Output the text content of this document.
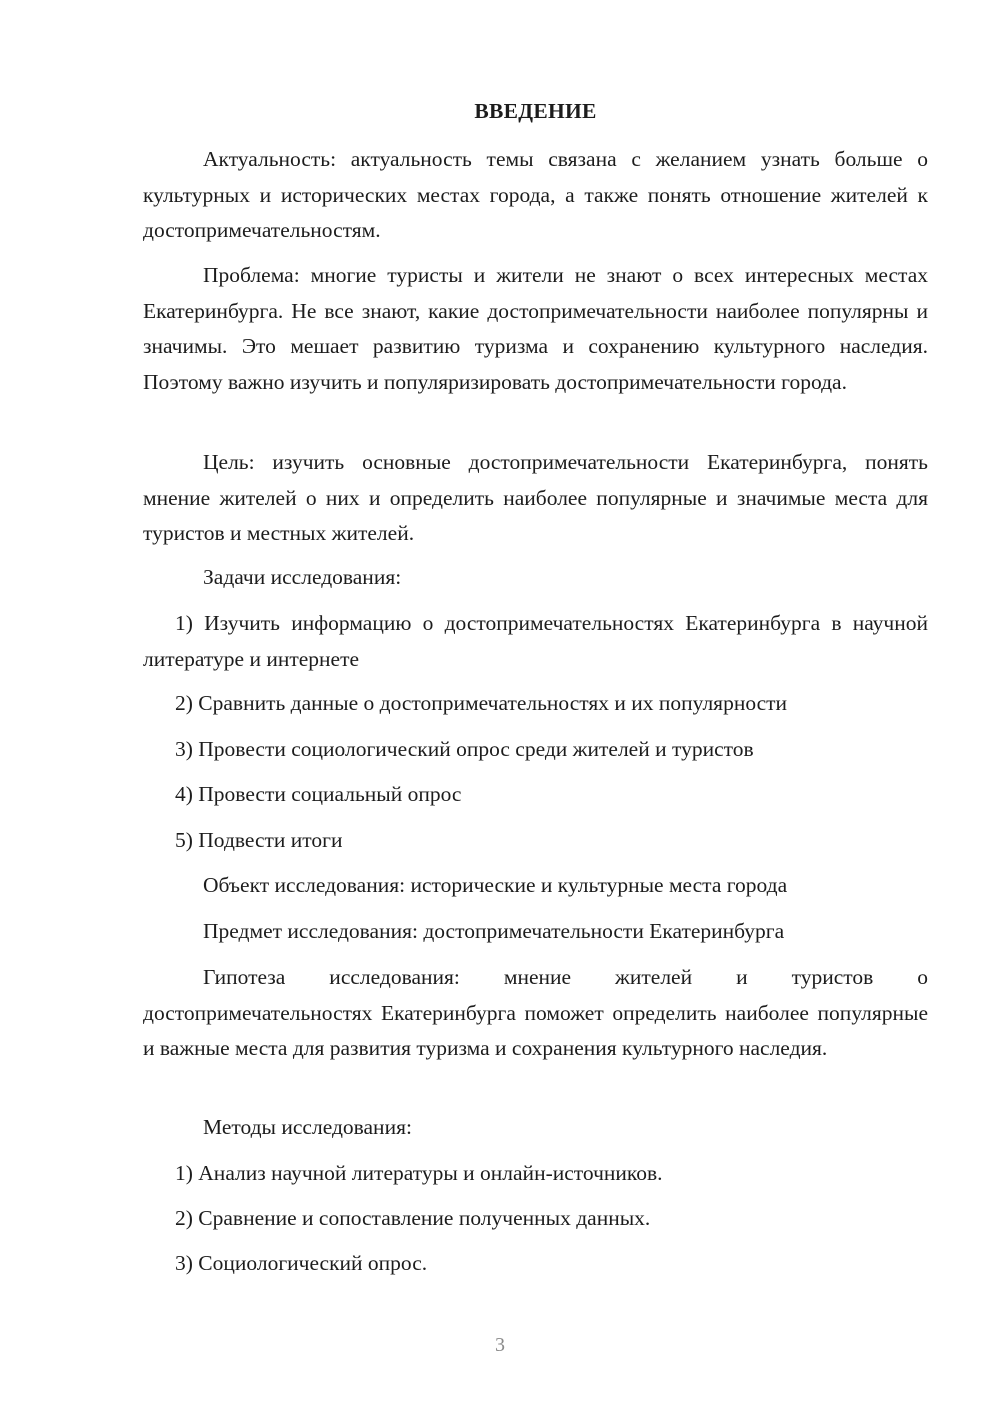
ВВЕДЕНИЕ

Актуальность: актуальность темы связана с желанием узнать больше о культурных и исторических местах города, а также понять отношение жителей к достопримечательностям.

Проблема: многие туристы и жители не знают о всех интересных местах Екатеринбурга. Не все знают, какие достопримечательности наиболее популярны и значимы. Это мешает развитию туризма и сохранению культурного наследия. Поэтому важно изучить и популяризировать достопримечательности города.

Цель: изучить основные достопримечательности Екатеринбурга, понять мнение жителей о них и определить наиболее популярные и значимые места для туристов и местных жителей.

Задачи исследования:

1) Изучить информацию о достопримечательностях Екатеринбурга в научной литературе и интернете

2) Сравнить данные о достопримечательностях и их популярности

3) Провести социологический опрос среди жителей и туристов

4) Провести социальный опрос

5) Подвести итоги

Объект исследования: исторические и культурные места города

Предмет исследования: достопримечательности Екатеринбурга

Гипотеза исследования: мнение жителей и туристов о достопримечательностях Екатеринбурга поможет определить наиболее популярные и важные места для развития туризма и сохранения культурного наследия.

Методы исследования:

1) Анализ научной литературы и онлайн-источников.

2) Сравнение и сопоставление полученных данных.

3) Социологический опрос.

3
